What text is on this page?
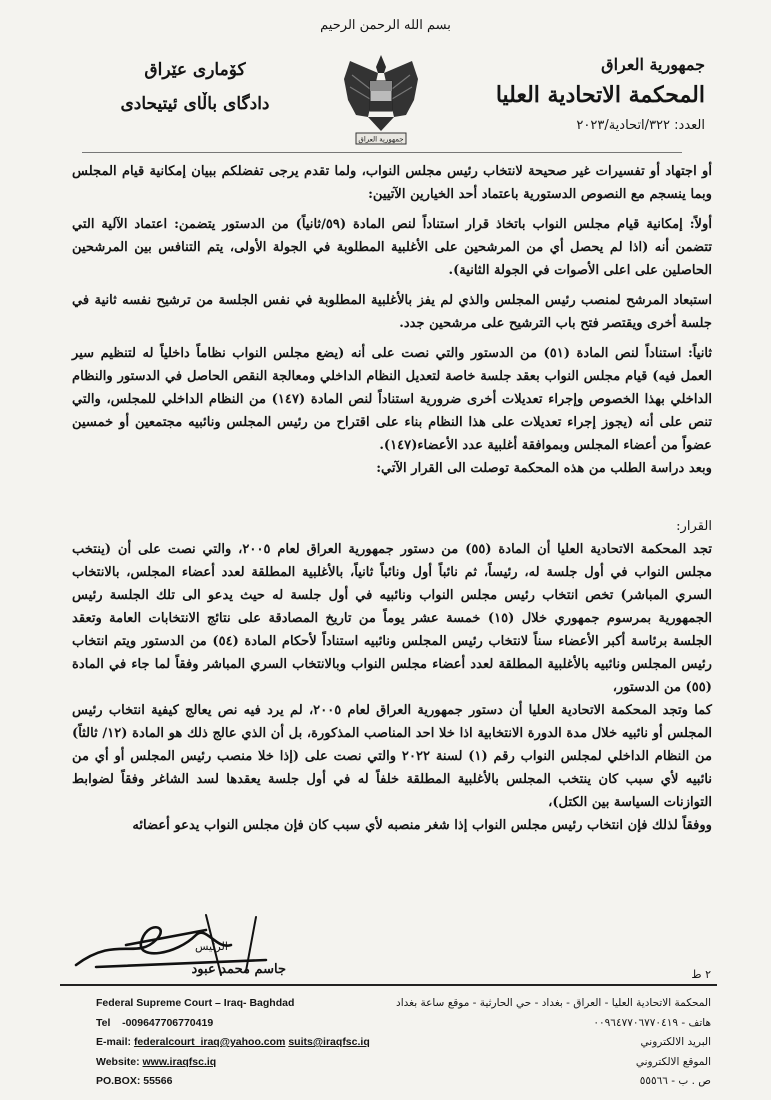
بسم الله الرحمن الرحيم
جمهورية العراق
المحكمة الاتحادية العليا
العدد: ٣٢٢/اتحادية/٢٠٢٣
جمهورية العراق
كۆماری عێراق
دادگای باڵای ئیتیحادی

أو اجتهاد أو تفسيرات غير صحيحة لانتخاب رئيس مجلس النواب، ولما تقدم يرجى تفضلكم ببيان إمكانية قيام المجلس وبما ينسجم مع النصوص الدستورية باعتماد أحد الخيارين الآتيين:

أولاً: إمكانية قيام مجلس النواب باتخاذ قرار استناداً لنص المادة (٥٩/ثانياً) من الدستور يتضمن: اعتماد الآلية التي تتضمن أنه (اذا لم يحصل أي من المرشحين على الأغلبية المطلوبة في الجولة الأولى، يتم التنافس بين المرشحين الحاصلين على اعلى الأصوات في الجولة الثانية).

استبعاد المرشح لمنصب رئيس المجلس والذي لم يفز بالأغلبية المطلوبة في نفس الجلسة من ترشيح نفسه ثانية في جلسة أخرى ويقتصر فتح باب الترشيح على مرشحين جدد.

ثانياً: استناداً لنص المادة (٥١) من الدستور والتي نصت على أنه (يضع مجلس النواب نظاماً داخلياً له لتنظيم سير العمل فيه) قيام مجلس النواب بعقد جلسة خاصة لتعديل النظام الداخلي ومعالجة النقص الحاصل في الدستور والنظام الداخلي بهذا الخصوص وإجراء تعديلات أخرى ضرورية استناداً لنص المادة (١٤٧) من النظام الداخلي للمجلس، والتي تنص على أنه (يجوز إجراء تعديلات على هذا النظام بناء على اقتراح من رئيس المجلس ونائبيه مجتمعين أو خمسين عضواً من أعضاء المجلس وبموافقة أغلبية عدد الأعضاء(١٤٧).

وبعد دراسة الطلب من هذه المحكمة توصلت الى القرار الآتي:

القرار:

تجد المحكمة الاتحادية العليا أن المادة (٥٥) من دستور جمهورية العراق لعام ٢٠٠٥، والتي نصت على أن (ينتخب مجلس النواب في أول جلسة له، رئيساً، ثم نائباً أول ونائباً ثانياً، بالأغلبية المطلقة لعدد أعضاء المجلس، بالانتخاب السري المباشر) تخص انتخاب رئيس مجلس النواب ونائبيه في أول جلسة له حيث يدعو الى تلك الجلسة رئيس الجمهورية بمرسوم جمهوري خلال (١٥) خمسة عشر يوماً من تاريخ المصادقة على نتائج الانتخابات العامة وتعقد الجلسة برئاسة أكبر الأعضاء سناً لانتخاب رئيس المجلس ونائبيه استناداً لأحكام المادة (٥٤) من الدستور ويتم انتخاب رئيس المجلس ونائبيه بالأغلبية المطلقة لعدد أعضاء مجلس النواب وبالانتخاب السري المباشر وفقاً لما جاء في المادة (٥٥) من الدستور،

كما وتجد المحكمة الاتحادية العليا أن دستور جمهورية العراق لعام ٢٠٠٥، لم يرد فيه نص يعالج كيفية انتخاب رئيس المجلس أو نائبيه خلال مدة الدورة الانتخابية اذا خلا احد المناصب المذكورة، بل أن الذي عالج ذلك هو المادة (١٢/ ثالثاً) من النظام الداخلي لمجلس النواب رقم (١) لسنة ٢٠٢٢ والتي نصت على (إذا خلا منصب رئيس المجلس أو أي من نائبيه لأي سبب كان ينتخب المجلس بالأغلبية المطلقة خلفاً له في أول جلسة يعقدها لسد الشاغر وفقاً لضوابط التوازنات السياسة بين الكتل)،

ووفقاً لذلك فإن انتخاب رئيس مجلس النواب إذا شغر منصبه لأي سبب كان فإن مجلس النواب يدعو أعضائه

الرئيس
جاسم محمد عبود	٢ ط
Federal Supreme Court – Iraq- Baghdad
Tel -009647706770419
E-mail: federalcourt_iraq@yahoo.com suits@iraqfsc.iq
Website: www.iraqfsc.iq
PO.BOX: 55566
المحكمة الاتحادية العليا - العراق - بغداد - حي الحارثية - موقع ساعة بغداد
هاتف - ٠٠٩٦٤٧٧٠٦٧٧٠٤١٩
البريد الالكتروني
الموقع الالكتروني
ص . ب - ٥٥٥٦٦
